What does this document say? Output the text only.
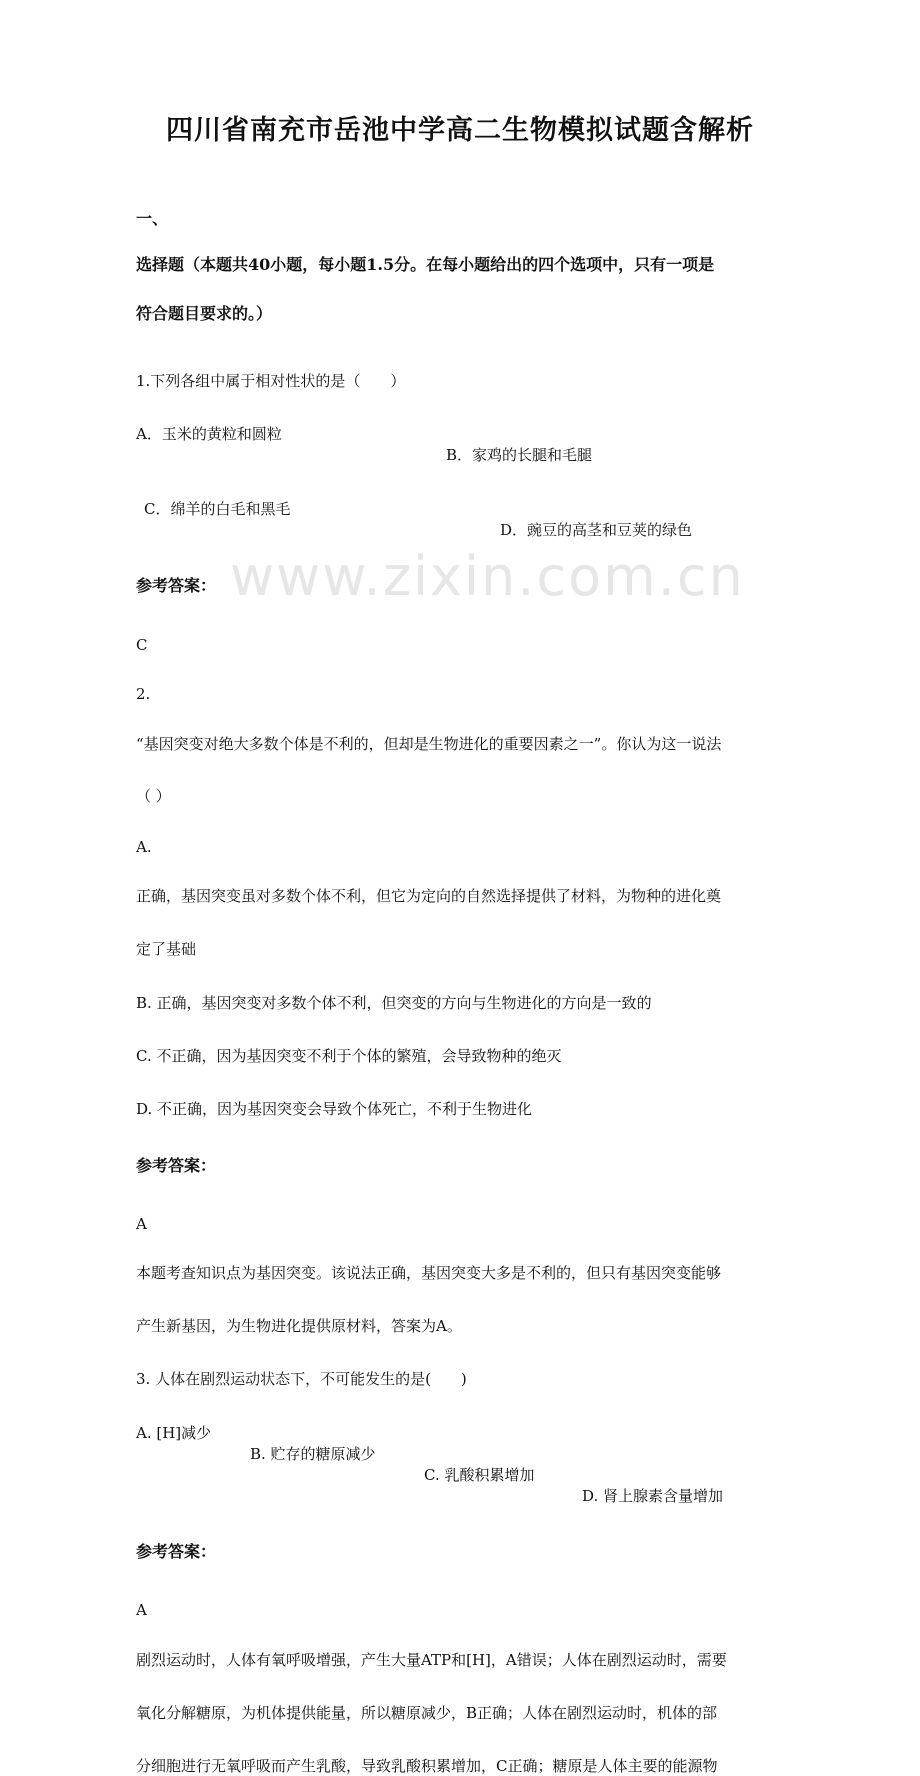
www.zixin.com.cn
四川省南充市岳池中学高二生物模拟试题含解析
一、
选择题（本题共40小题，每小题1.5分。在每小题给出的四个选项中，只有一项是
符合题目要求的。）
1.下列各组中属于相对性状的是（　　）
A．玉米的黄粒和圆粒
B．家鸡的长腿和毛腿
C．绵羊的白毛和黑毛
D．豌豆的高茎和豆荚的绿色
参考答案：
C
2.
“基因突变对绝大多数个体是不利的，但却是生物进化的重要因素之一”。你认为这一说法
（ ）
A.
正确，基因突变虽对多数个体不利，但它为定向的自然选择提供了材料，为物种的进化奠
定了基础
B. 正确，基因突变对多数个体不利，但突变的方向与生物进化的方向是一致的
C. 不正确，因为基因突变不利于个体的繁殖，会导致物种的绝灭
D. 不正确，因为基因突变会导致个体死亡，不利于生物进化
参考答案：
A
本题考查知识点为基因突变。该说法正确，基因突变大多是不利的，但只有基因突变能够
产生新基因，为生物进化提供原材料，答案为A。
3. 人体在剧烈运动状态下，不可能发生的是(　　)
A. [H]减少
B. 贮存的糖原减少
C. 乳酸积累增加
D. 肾上腺素含量增加
参考答案：
A
剧烈运动时，人体有氧呼吸增强，产生大量ATP和[H]，A错误；人体在剧烈运动时，需要
氧化分解糖原，为机体提供能量，所以糖原减少，B正确；人体在剧烈运动时，机体的部
分细胞进行无氧呼吸而产生乳酸，导致乳酸积累增加，C正确；糖原是人体主要的能源物
